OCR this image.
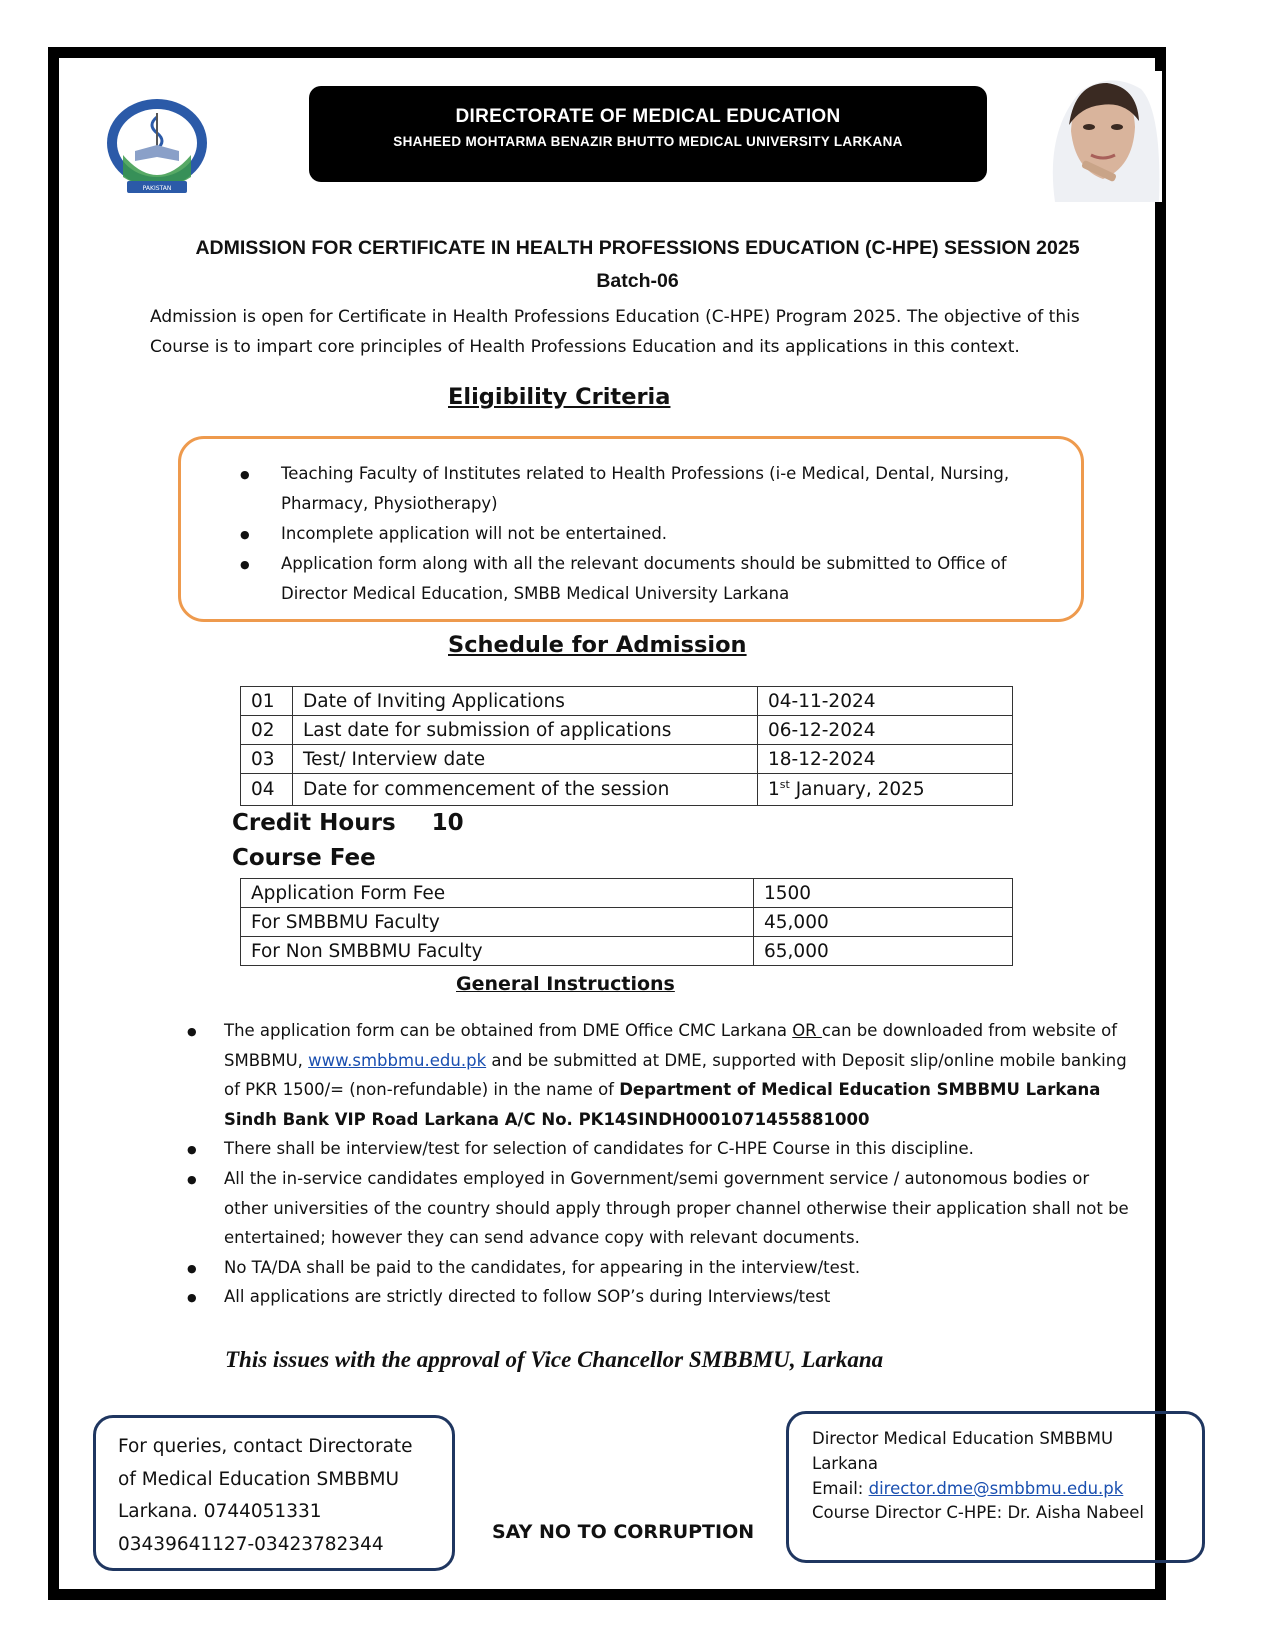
PAKISTAN
DIRECTORATE OF MEDICAL EDUCATION
SHAHEED MOHTARMA BENAZIR BHUTTO MEDICAL UNIVERSITY LARKANA
ADMISSION FOR CERTIFICATE IN HEALTH PROFESSIONS EDUCATION (C-HPE) SESSION 2025
Batch-06
Admission is open for Certificate in Health Professions Education (C-HPE) Program 2025. The objective of this Course is to impart core principles of Health Professions Education and its applications in this context.
Eligibility Criteria
● Teaching Faculty of Institutes related to Health Professions (i-e Medical, Dental, Nursing, Pharmacy, Physiotherapy)
● Incomplete application will not be entertained.
● Application form along with all the relevant documents should be submitted to Office of Director Medical Education, SMBB Medical University Larkana
Schedule for Admission
01	Date of Inviting Applications	04-11-2024
02	Last date for submission of applications	06-12-2024
03	Test/ Interview date	18-12-2024
04	Date for commencement of the session	1st January, 2025
Credit Hours 10
Course Fee
Application Form Fee	1500
For SMBBMU Faculty	45,000
For Non SMBBMU Faculty	65,000
General Instructions
● The application form can be obtained from DME Office CMC Larkana OR can be downloaded from website of SMBBMU, www.smbbmu.edu.pk and be submitted at DME, supported with Deposit slip/online mobile banking of PKR 1500/= (non-refundable) in the name of Department of Medical Education SMBBMU Larkana Sindh Bank VIP Road Larkana A/C No. PK14SINDH0001071455881000
● There shall be interview/test for selection of candidates for C-HPE Course in this discipline.
● All the in-service candidates employed in Government/semi government service / autonomous bodies or other universities of the country should apply through proper channel otherwise their application shall not be entertained; however they can send advance copy with relevant documents.
● No TA/DA shall be paid to the candidates, for appearing in the interview/test.
● All applications are strictly directed to follow SOP’s during Interviews/test
This issues with the approval of Vice Chancellor SMBBMU, Larkana
For queries, contact Directorate
of Medical Education SMBBMU
Larkana. 0744051331
03439641127-03423782344
SAY NO TO CORRUPTION
Director Medical Education SMBBMU
Larkana
Email: director.dme@smbbmu.edu.pk
Course Director C-HPE: Dr. Aisha Nabeel
